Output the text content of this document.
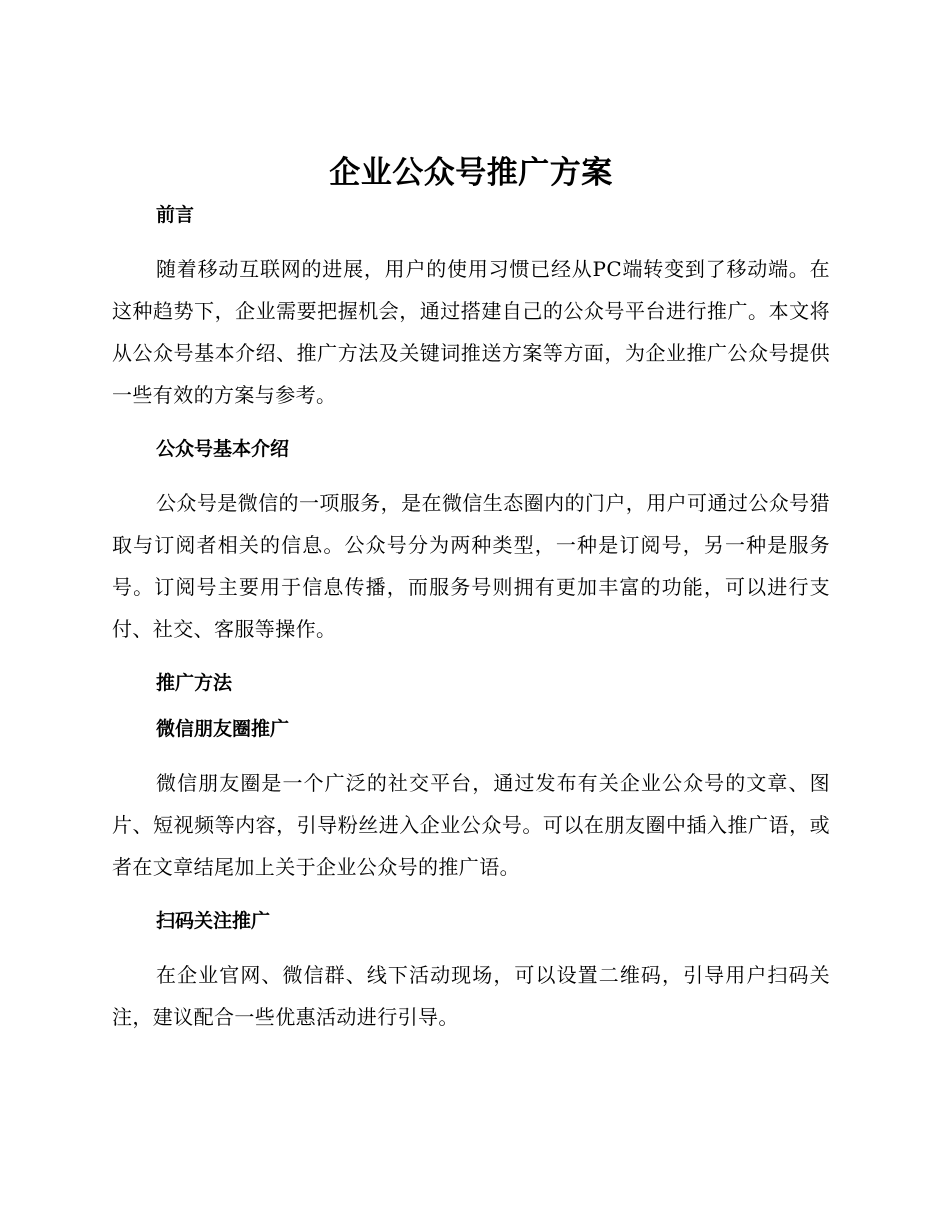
企业公众号推广方案
前言

随着移动互联网的进展，用户的使用习惯已经从PC端转变到了移动端。在这种趋势下，企业需要把握机会，通过搭建自己的公众号平台进行推广。本文将从公众号基本介绍、推广方法及关键词推送方案等方面，为企业推广公众号提供一些有效的方案与参考。

公众号基本介绍

公众号是微信的一项服务，是在微信生态圈内的门户，用户可通过公众号猎取与订阅者相关的信息。公众号分为两种类型，一种是订阅号，另一种是服务号。订阅号主要用于信息传播，而服务号则拥有更加丰富的功能，可以进行支付、社交、客服等操作。

推广方法
微信朋友圈推广

微信朋友圈是一个广泛的社交平台，通过发布有关企业公众号的文章、图片、短视频等内容，引导粉丝进入企业公众号。可以在朋友圈中插入推广语，或者在文章结尾加上关于企业公众号的推广语。

扫码关注推广

在企业官网、微信群、线下活动现场，可以设置二维码，引导用户扫码关注，建议配合一些优惠活动进行引导。
